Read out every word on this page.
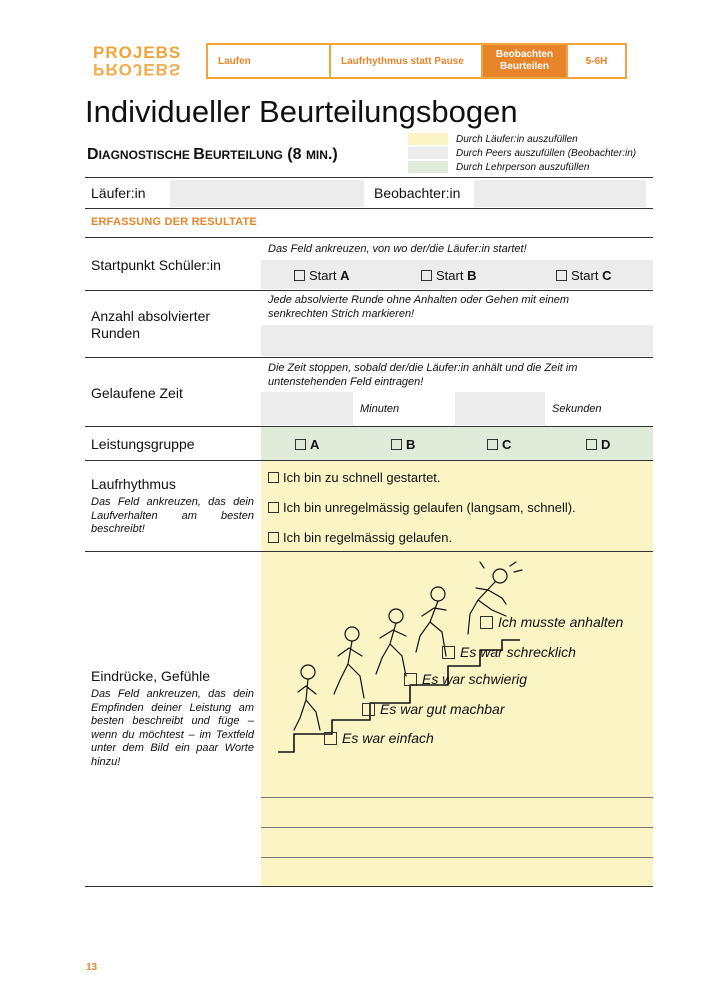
PROJEBS
PROJEBS	Laufen	Laufrhythmus statt Pause
Beobachten
Beurteilen	5-6H
Individueller Beurteilungsbogen
DIAGNOSTISCHE BEURTEILUNG (8 MIN.)
Durch Läufer:in auszufüllen
Durch Peers auszufüllen (Beobachter:in)
Durch Lehrperson auszufüllen
Läufer:in	Beobachter:in
ERFASSUNG DER RESULTATE
Startpunkt Schüler:in
Das Feld ankreuzen, von wo der/die Läufer:in startet!
Start A	Start B	Start C
Anzahl absolvierter
Runden
Jede absolvierte Runde ohne Anhalten oder Gehen mit einem senkrechten Strich markieren!
Gelaufene Zeit
Die Zeit stoppen, sobald der/die Läufer:in anhält und die Zeit im untenstehenden Feld eintragen!
Minuten	Sekunden
Leistungsgruppe	A	B	C	D
Laufrhythmus
Das Feld ankreuzen, das dein Laufverhalten am besten beschreibt!
Ich bin zu schnell gestartet.
Ich bin unregelmässig gelaufen (langsam, schnell).
Ich bin regelmässig gelaufen.
Eindrücke, Gefühle
Das Feld ankreuzen, das dein Empfinden deiner Leistung am besten beschreibt und füge – wenn du möchtest – im Textfeld unter dem Bild ein paar Worte hinzu!
Ich musste anhalten
Es war schrecklich
Es war schwierig
Es war gut machbar
Es war einfach
13
